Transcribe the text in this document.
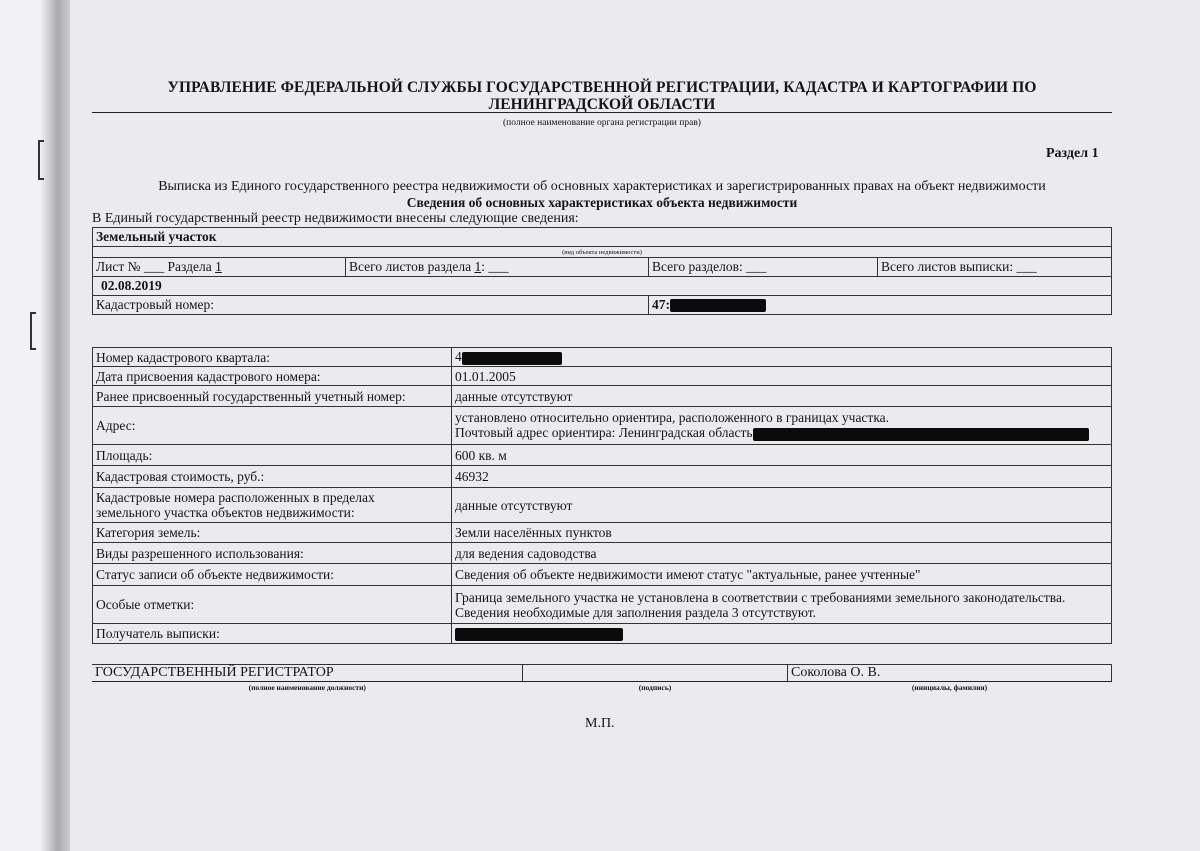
УПРАВЛЕНИЕ ФЕДЕРАЛЬНОЙ СЛУЖБЫ ГОСУДАРСТВЕННОЙ РЕГИСТРАЦИИ, КАДАСТРА И КАРТОГРАФИИ ПО ЛЕНИНГРАДСКОЙ ОБЛАСТИ
(полное наименование органа регистрации прав)
Раздел 1
Выписка из Единого государственного реестра недвижимости об основных характеристиках и зарегистрированных правах на объект недвижимости
Сведения об основных характеристиках объекта недвижимости
В Единый государственный реестр недвижимости внесены следующие сведения:
Земельный участок			
(вид объекта недвижимости)			
Лист № ___ Раздела 1	Всего листов раздела 1: ___	Всего разделов: ___	Всего листов выписки: ___
02.08.2019			
Кадастровый номер:		47:	
Номер кадастрового квартала:	4
Дата присвоения кадастрового номера:	01.01.2005
Ранее присвоенный государственный учетный номер:	данные отсутствуют
Адрес:	установлено относительно ориентира, расположенного в границах участка.
Почтовый адрес ориентира: Ленинградская область

Площадь:	600 кв. м
Кадастровая стоимость, руб.:	46932

Кадастровые номера расположенных в пределах
земельного участка объектов недвижимости:	данные отсутствуют
Категория земель:	Земли населённых пунктов
Виды разрешенного использования:	для ведения садоводства
Статус записи об объекте недвижимости:	Сведения об объекте недвижимости имеют статус "актуальные, ранее учтенные"
Особые отметки:	Граница земельного участка не установлена в соответствии с требованиями земельного законодательства.
Сведения необходимые для заполнения раздела 3 отсутствуют.

Получатель выписки:	
ГОСУДАРСТВЕННЫЙ РЕГИСТРАТОР		Соколова О. В.
(полное наименование должности)	(подпись)	(инициалы, фамилия)
М.П.
